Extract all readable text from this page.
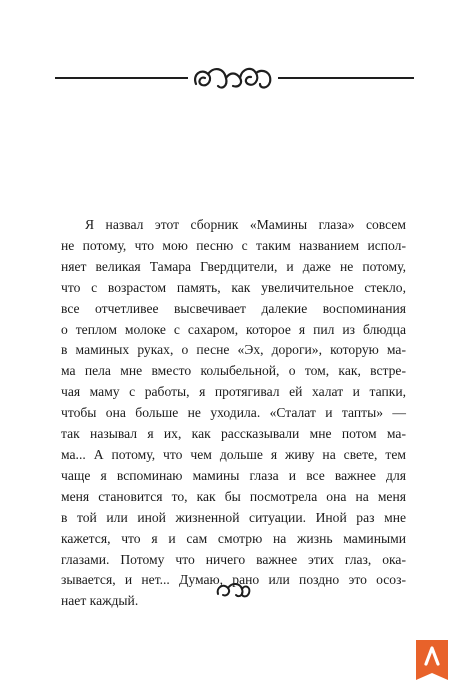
Я назвал этот сборник «Мамины глаза» совсем
не потому, что мою песню с таким названием испол-
няет великая Тамара Гвердцители, и даже не потому,
что с возрастом память, как увеличительное стекло,
все отчетливее высвечивает далекие воспоминания
о теплом молоке с сахаром, которое я пил из блюдца
в маминых руках, о песне «Эх, дороги», которую ма-
ма пела мне вместо колыбельной, о том, как, встре-
чая маму с работы, я протягивал ей халат и тапки,
чтобы она больше не уходила. «Сталат и тапты» —
так называл я их, как рассказывали мне потом ма-
ма... А потому, что чем дольше я живу на свете, тем
чаще я вспоминаю мамины глаза и все важнее для
меня становится то, как бы посмотрела она на меня
в той или иной жизненной ситуации. Иной раз мне
кажется, что я и сам смотрю на жизнь мамиными
глазами. Потому что ничего важнее этих глаз, ока-
зывается, и нет... Думаю, рано или поздно это осоз-
нает каждый.
